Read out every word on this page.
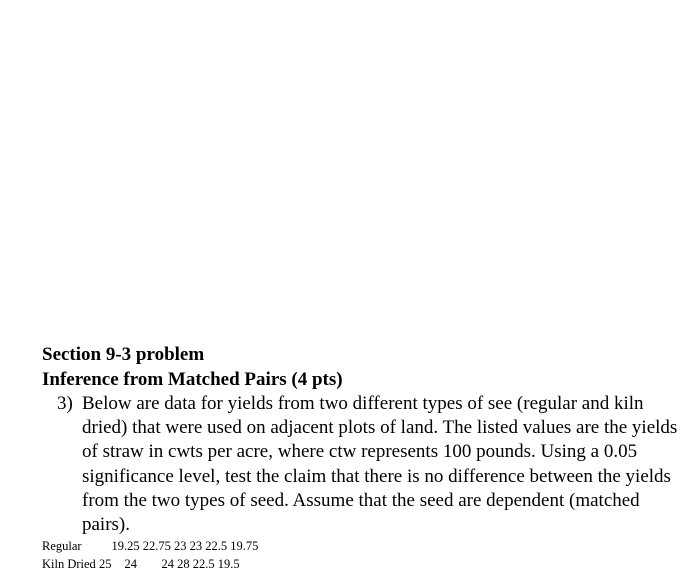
Section 9-3 problem

Inference from Matched Pairs (4 pts)

3) Below are data for yields from two different types of see (regular and kiln dried) that were used on adjacent plots of land. The listed values are the yields of straw in cwts per acre, where ctw represents 100 pounds. Using a 0.05 significance level, test the claim that there is no difference between the yields from the two types of seed. Assume that the seed are dependent (matched pairs).
Regular	19.25 22.75 23 23 22.5 19.75
Kiln Dried 25	24 24 28 22.5 19.5
